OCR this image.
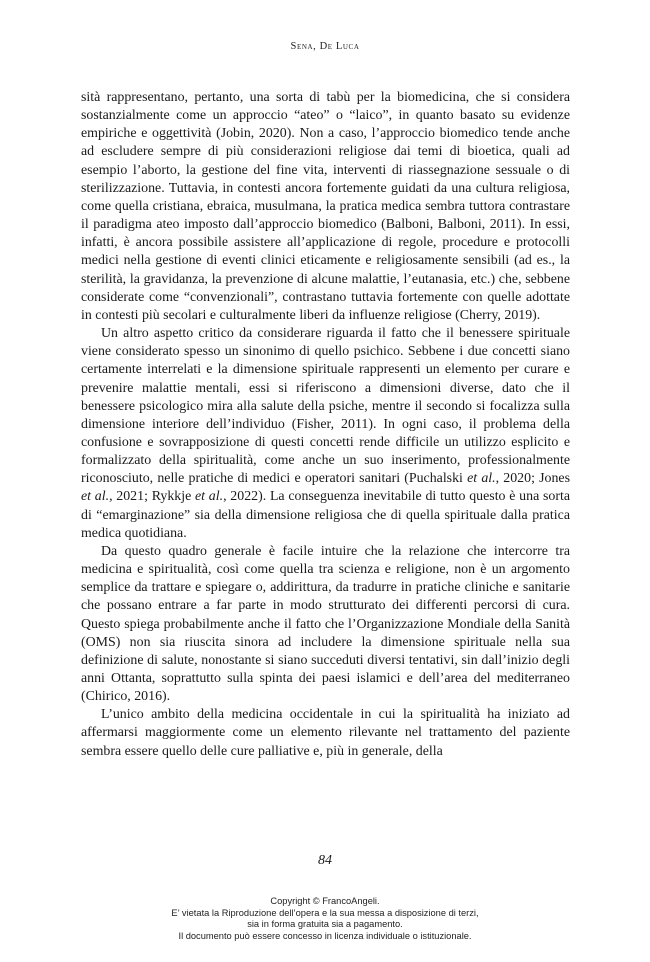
Sena, De Luca

sità rappresentano, pertanto, una sorta di tabù per la biomedicina, che si considera sostanzialmente come un approccio “ateo” o “laico”, in quanto basato su evidenze empiriche e oggettività (Jobin, 2020). Non a caso, l’approccio biomedico tende anche ad escludere sempre di più considerazioni religiose dai temi di bioetica, quali ad esempio l’aborto, la gestione del fine vita, interventi di riassegnazione sessuale o di sterilizzazione. Tuttavia, in contesti ancora fortemente guidati da una cultura religiosa, come quella cristiana, ebraica, musulmana, la pratica medica sembra tuttora contrastare il paradigma ateo imposto dall’approccio biomedico (Balboni, Balboni, 2011). In essi, infatti, è ancora possibile assistere all’applicazione di regole, procedure e protocolli medici nella gestione di eventi clinici eticamente e religiosamente sensibili (ad es., la sterilità, la gravidanza, la prevenzione di alcune malattie, l’eutanasia, etc.) che, sebbene considerate come “convenzionali”, contrastano tuttavia fortemente con quelle adottate in contesti più secolari e culturalmente liberi da influenze religiose (Cherry, 2019).

Un altro aspetto critico da considerare riguarda il fatto che il benessere spirituale viene considerato spesso un sinonimo di quello psichico. Sebbene i due concetti siano certamente interrelati e la dimensione spirituale rappresenti un elemento per curare e prevenire malattie mentali, essi si riferiscono a dimensioni diverse, dato che il benessere psicologico mira alla salute della psiche, mentre il secondo si focalizza sulla dimensione interiore dell’individuo (Fisher, 2011). In ogni caso, il problema della confusione e sovrapposizione di questi concetti rende difficile un utilizzo esplicito e formalizzato della spiritualità, come anche un suo inserimento, professionalmente riconosciuto, nelle pratiche di medici e operatori sanitari (Puchalski et al., 2020; Jones et al., 2021; Rykkje et al., 2022). La conseguenza inevitabile di tutto questo è una sorta di “emarginazione” sia della dimensione religiosa che di quella spirituale dalla pratica medica quotidiana.

Da questo quadro generale è facile intuire che la relazione che intercorre tra medicina e spiritualità, così come quella tra scienza e religione, non è un argomento semplice da trattare e spiegare o, addirittura, da tradurre in pratiche cliniche e sanitarie che possano entrare a far parte in modo strutturato dei differenti percorsi di cura. Questo spiega probabilmente anche il fatto che l’Organizzazione Mondiale della Sanità (OMS) non sia riuscita sinora ad includere la dimensione spirituale nella sua definizione di salute, nonostante si siano succeduti diversi tentativi, sin dall’inizio degli anni Ottanta, soprattutto sulla spinta dei paesi islamici e dell’area del mediterraneo (Chirico, 2016).

L’unico ambito della medicina occidentale in cui la spiritualità ha iniziato ad affermarsi maggiormente come un elemento rilevante nel trattamento del paziente sembra essere quello delle cure palliative e, più in generale, della

84
Copyright © FrancoAngeli.
E’ vietata la Riproduzione dell’opera e la sua messa a disposizione di terzi,
sia in forma gratuita sia a pagamento.
Il documento può essere concesso in licenza individuale o istituzionale.
